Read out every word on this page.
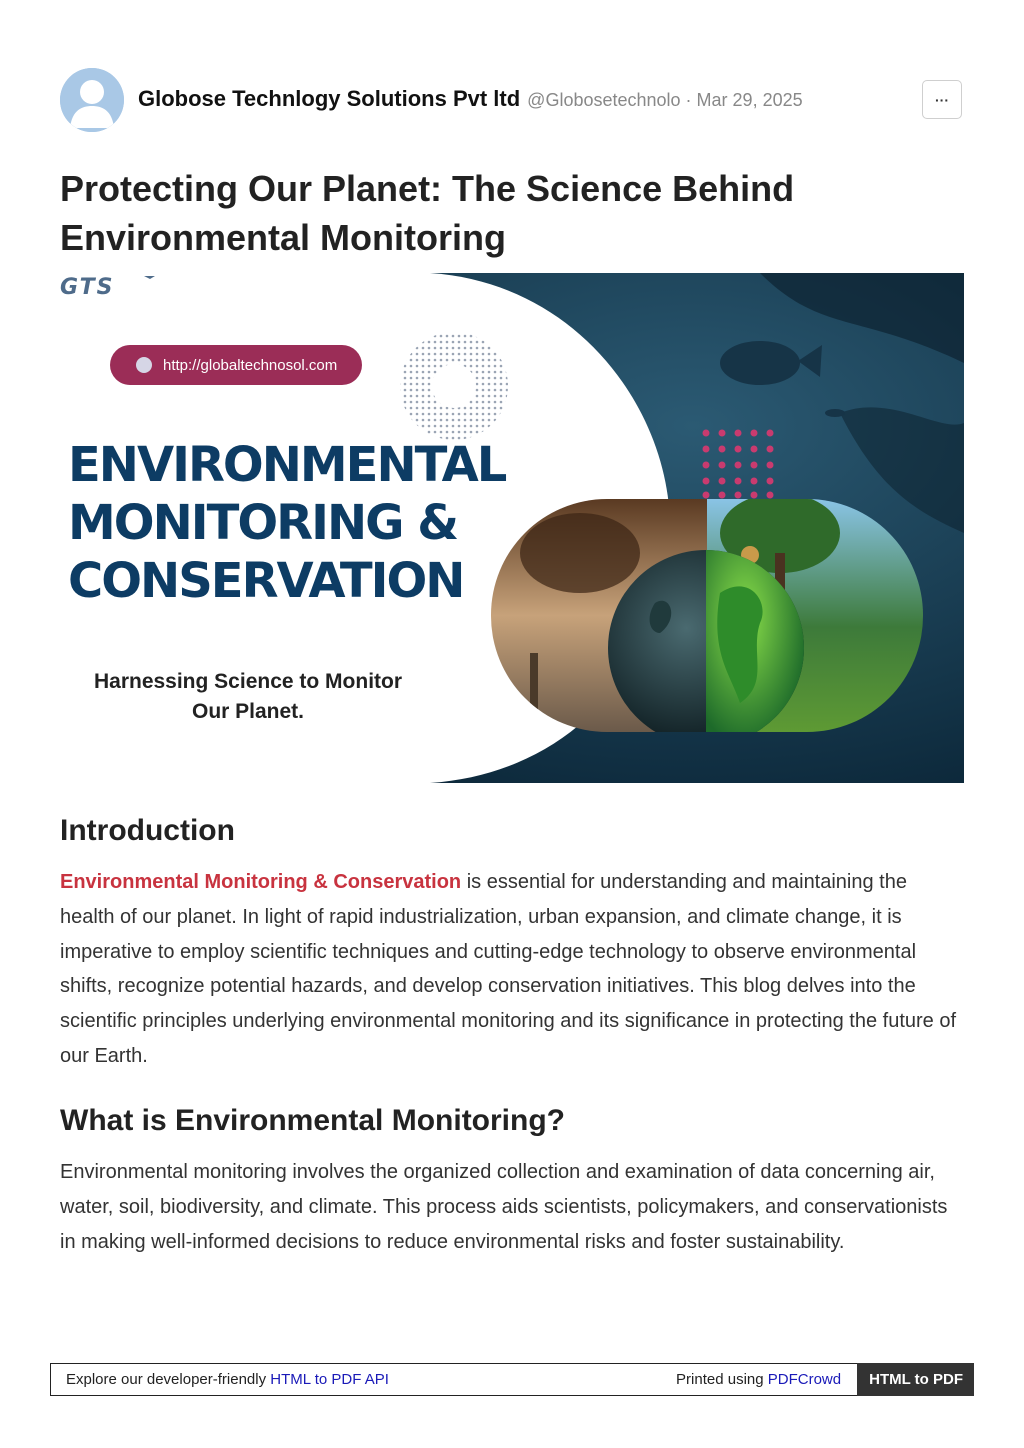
Globose Technlogy Solutions Pvt ltd @Globosetechnolo · Mar 29, 2025	···
Protecting Our Planet: The Science Behind Environmental Monitoring
GTS
http://globaltechnosol.com
ENVIRONMENTAL
MONITORING &
CONSERVATION
Harnessing Science to Monitor Our Planet.
Introduction

Environmental Monitoring & Conservation is essential for understanding and maintaining the health of our planet. In light of rapid industrialization, urban expansion, and climate change, it is imperative to employ scientific techniques and cutting-edge technology to observe environmental shifts, recognize potential hazards, and develop conservation initiatives. This blog delves into the scientific principles underlying environmental monitoring and its significance in protecting the future of our Earth.

What is Environmental Monitoring?

Environmental monitoring involves the organized collection and examination of data concerning air, water, soil, biodiversity, and climate. This process aids scientists, policymakers, and conservationists in making well-informed decisions to reduce environmental risks and foster sustainability.

Explore our developer-friendly HTML to PDF API	Printed using PDFCrowd	HTML to PDF
